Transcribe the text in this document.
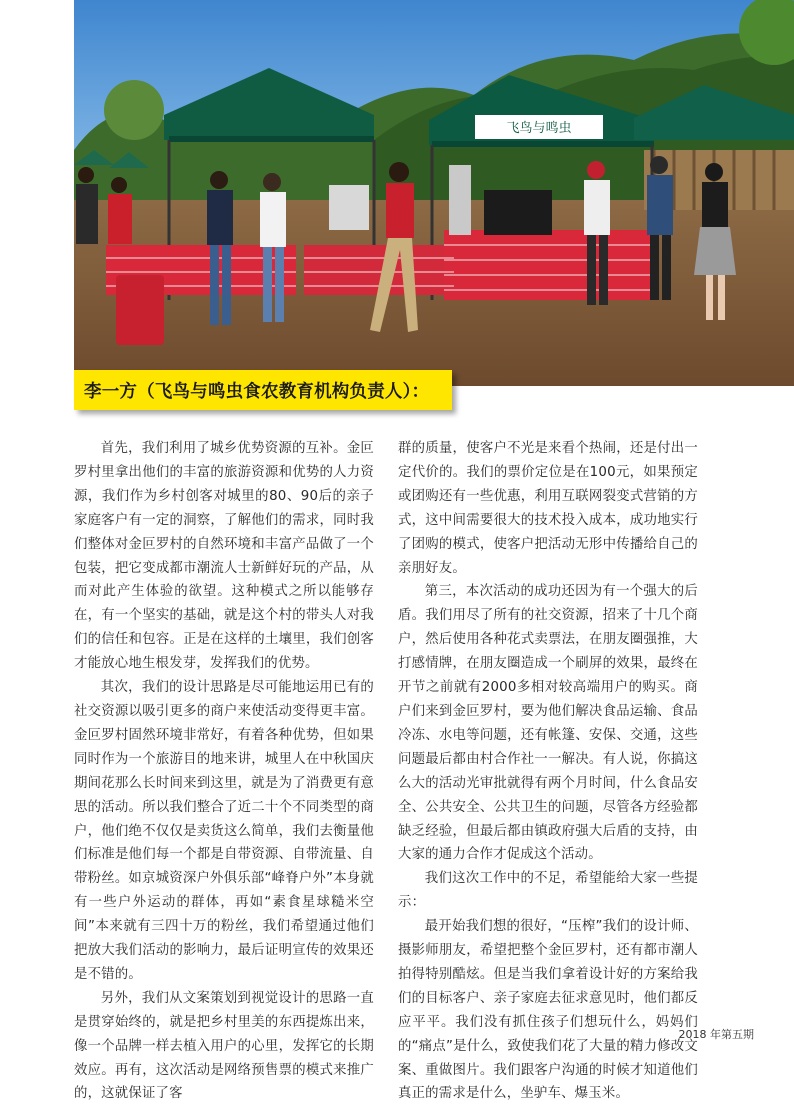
飞鸟与鸣虫
李一方（飞鸟与鸣虫食农教育机构负责人）：

首先，我们利用了城乡优势资源的互补。金叵罗村里拿出他们的丰富的旅游资源和优势的人力资源，我们作为乡村创客对城里的80、90后的亲子家庭客户有一定的洞察，了解他们的需求，同时我们整体对金叵罗村的自然环境和丰富产品做了一个包装，把它变成都市潮流人士新鲜好玩的产品，从而对此产生体验的欲望。这种模式之所以能够存在，有一个坚实的基础，就是这个村的带头人对我们的信任和包容。正是在这样的土壤里，我们创客才能放心地生根发芽，发挥我们的优势。

其次，我们的设计思路是尽可能地运用已有的社交资源以吸引更多的商户来使活动变得更丰富。金叵罗村固然环境非常好，有着各种优势，但如果同时作为一个旅游目的地来讲，城里人在中秋国庆期间花那么长时间来到这里，就是为了消费更有意思的活动。所以我们整合了近二十个不同类型的商户，他们绝不仅仅是卖货这么简单，我们去衡量他们标准是他们每一个都是自带资源、自带流量、自带粉丝。如京城资深户外俱乐部“峰脊户外”本身就有一些户外运动的群体，再如“素食星球糙米空间”本来就有三四十万的粉丝，我们希望通过他们把放大我们活动的影响力，最后证明宣传的效果还是不错的。

另外，我们从文案策划到视觉设计的思路一直是贯穿始终的，就是把乡村里美的东西提炼出来，像一个品牌一样去植入用户的心里，发挥它的长期效应。再有，这次活动是网络预售票的模式来推广的，这就保证了客

群的质量，使客户不光是来看个热闹，还是付出一定代价的。我们的票价定位是在100元，如果预定或团购还有一些优惠，利用互联网裂变式营销的方式，这中间需要很大的技术投入成本，成功地实行了团购的模式，使客户把活动无形中传播给自己的亲朋好友。

第三，本次活动的成功还因为有一个强大的后盾。我们用尽了所有的社交资源，招来了十几个商户，然后使用各种花式卖票法，在朋友圈强推，大打感情牌，在朋友圈造成一个刷屏的效果，最终在开节之前就有2000多相对较高端用户的购买。商户们来到金叵罗村，要为他们解决食品运输、食品冷冻、水电等问题，还有帐篷、安保、交通，这些问题最后都由村合作社一一解决。有人说，你搞这么大的活动光审批就得有两个月时间，什么食品安全、公共安全、公共卫生的问题，尽管各方经验都缺乏经验，但最后都由镇政府强大后盾的支持，由大家的通力合作才促成这个活动。

我们这次工作中的不足，希望能给大家一些提示：

最开始我们想的很好，“压榨”我们的设计师、摄影师朋友，希望把整个金叵罗村，还有都市潮人拍得特别酷炫。但是当我们拿着设计好的方案给我们的目标客户、亲子家庭去征求意见时，他们都反应平平。我们没有抓住孩子们想玩什么，妈妈们的“痛点”是什么，致使我们花了大量的精力修改文案、重做图片。我们跟客户沟通的时候才知道他们真正的需求是什么，坐驴车、爆玉米。

2018 年第五期
